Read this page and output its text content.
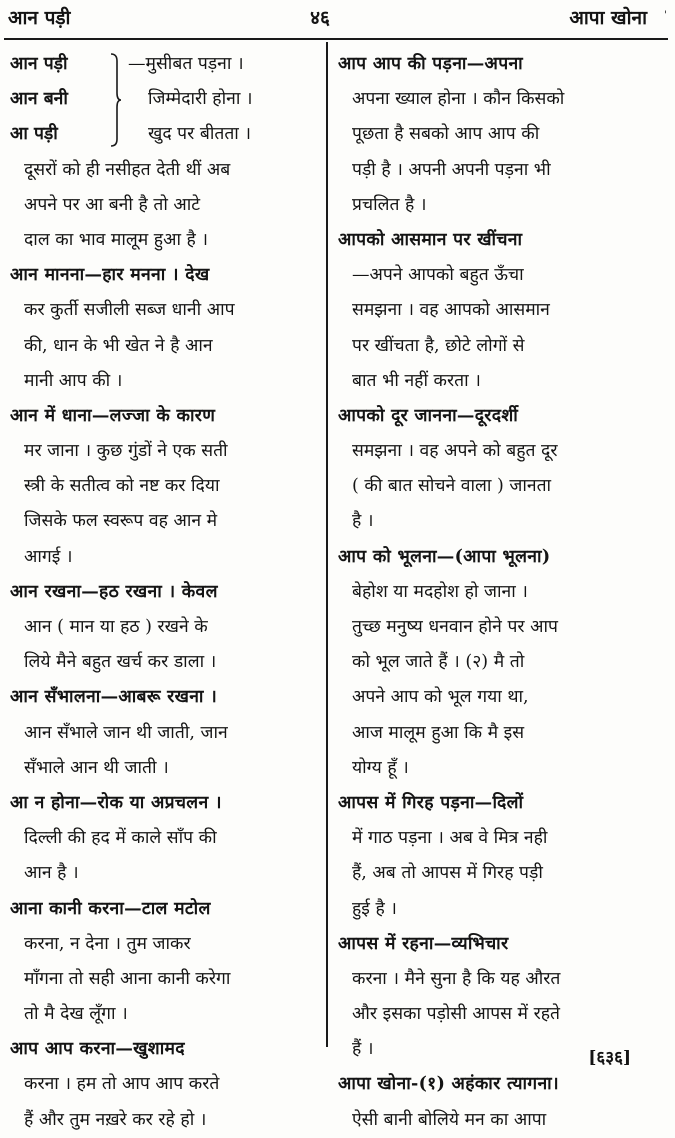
आन पड़ी	४६	आपा खोना '
आन पड़ी
आन बनी
आ पड़ी
—मुसीबत पड़ना ।
जिम्मेदारी होना ।
खुद पर बीतता ।
दूसरों को ही नसीहत देती थीं अब
अपने पर आ बनी है तो आटे
दाल का भाव मालूम हुआ है ।
आन मानना—हार मनना । देख
कर कुर्ती सजीली सब्ज धानी आप
की, धान के भी खेत ने है आन
मानी आप की ।
आन में धाना—लज्जा के कारण
मर जाना । कुछ गुंडों ने एक सती
स्त्री के सतीत्व को नष्ट कर दिया
जिसके फल स्वरूप वह आन मे
आगई ।
आन रखना—हठ रखना । केवल
आन ( मान या हठ ) रखने के
लिये मैने बहुत खर्च कर डाला ।
आन सँभालना—आबरू रखना ।
आन सँभाले जान थी जाती, जान
सँभाले आन थी जाती ।
आ न होना—रोक या अप्रचलन ।
दिल्ली की हद में काले साँप की
आन है ।
आना कानी करना—टाल मटोल
करना, न देना । तुम जाकर
माँगना तो सही आना कानी करेगा
तो मै देख लूँगा ।
आप आप करना—खुशामद
करना । हम तो आप आप करते
हैं और तुम नख़रे कर रहे हो ।
आप आप की पड़ना—अपना
अपना ख्याल होना । कौन किसको
पूछता है सबको आप आप की
पड़ी है । अपनी अपनी पड़ना भी
प्रचलित है ।
आपको आसमान पर खींचना
—अपने आपको बहुत ऊँचा
समझना । वह आपको आसमान
पर खींचता है, छोटे लोगों से
बात भी नहीं करता ।
आपको दूर जानना—दूरदर्शी
समझना । वह अपने को बहुत दूर
( की बात सोचने वाला ) जानता
है ।
आप को भूलना—(आपा भूलना)
बेहोश या मदहोश हो जाना ।
तुच्छ मनुष्य धनवान होने पर आप
को भूल जाते हैं । (२) मै तो
अपने आप को भूल गया था,
आज मालूम हुआ कि मै इस
योग्य हूँ ।
आपस में गिरह पड़ना—दिलों
में गाठ पड़ना । अब वे मित्र नही
हैं, अब तो आपस में गिरह पड़ी
हुई है ।
आपस में रहना—व्यभिचार
करना । मैने सुना है कि यह औरत
और इसका पड़ोसी आपस में रहते
हैं ।
आपा खोना-(१) अहंकार त्यागना।
ऐसी बानी बोलिये मन का आपा
[६३६]
